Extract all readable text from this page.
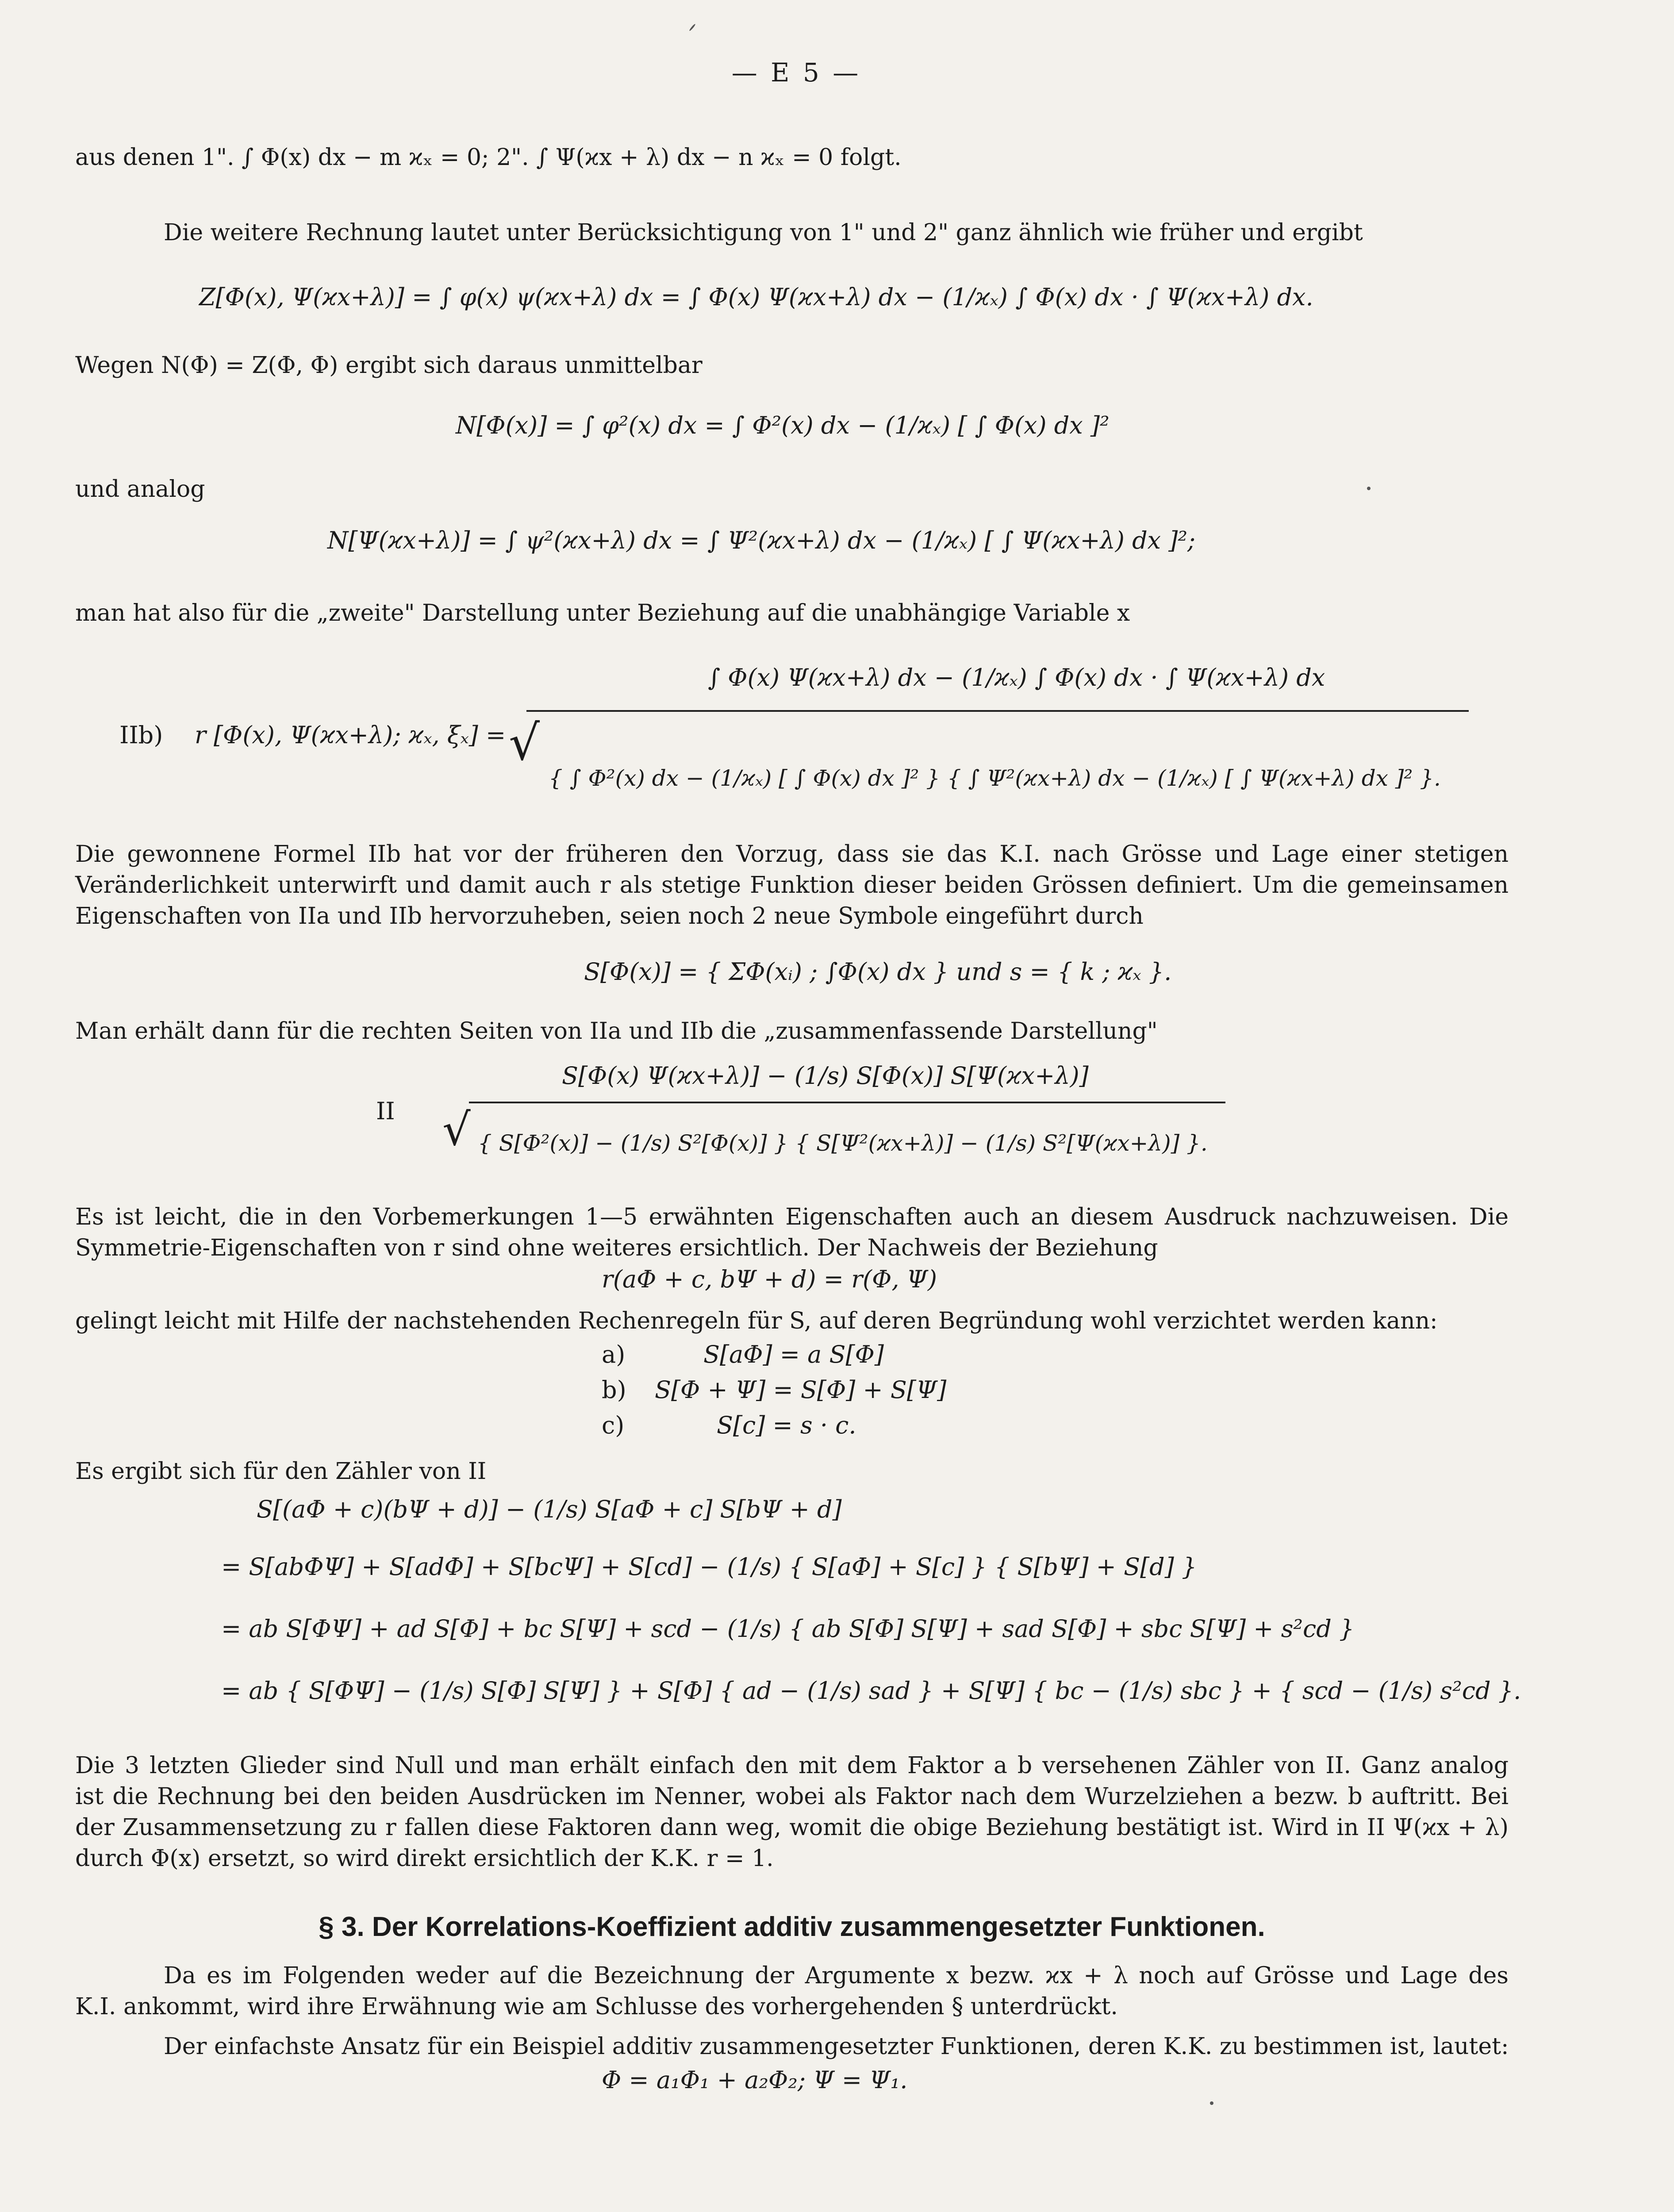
— E 5 —
aus denen 1". ∫ Φ(x) dx − m ϰₓ = 0; 2". ∫ Ψ(ϰx + λ) dx − n ϰₓ = 0 folgt.
Die weitere Rechnung lautet unter Berücksichtigung von 1" und 2" ganz ähnlich wie früher und ergibt
Z[Φ(x), Ψ(ϰx+λ)] = ∫ φ(x) ψ(ϰx+λ) dx = ∫ Φ(x) Ψ(ϰx+λ) dx − (1/ϰₓ) ∫ Φ(x) dx · ∫ Ψ(ϰx+λ) dx.
Wegen N(Φ) = Z(Φ, Φ) ergibt sich daraus unmittelbar
N[Φ(x)] = ∫ φ²(x) dx = ∫ Φ²(x) dx − (1/ϰₓ) [ ∫ Φ(x) dx ]²
und analog
N[Ψ(ϰx+λ)] = ∫ ψ²(ϰx+λ) dx = ∫ Ψ²(ϰx+λ) dx − (1/ϰₓ) [ ∫ Ψ(ϰx+λ) dx ]²;
man hat also für die „zweite" Darstellung unter Beziehung auf die unabhängige Variable x
IIb) r [Φ(x), Ψ(ϰx+λ); ϰₓ, ξₓ] =
∫ Φ(x) Ψ(ϰx+λ) dx − (1/ϰₓ) ∫ Φ(x) dx · ∫ Ψ(ϰx+λ) dx
√
{ ∫ Φ²(x) dx − (1/ϰₓ) [ ∫ Φ(x) dx ]² } { ∫ Ψ²(ϰx+λ) dx − (1/ϰₓ) [ ∫ Ψ(ϰx+λ) dx ]² }.
Die gewonnene Formel IIb hat vor der früheren den Vorzug, dass sie das K.I. nach Grösse und Lage einer stetigen
Veränderlichkeit unterwirft und damit auch r als stetige Funktion dieser beiden Grössen definiert. Um die gemeinsamen
Eigenschaften von IIa und IIb hervorzuheben, seien noch 2 neue Symbole eingeführt durch
S[Φ(x)] = { ΣΦ(xᵢ) ; ∫Φ(x) dx } und s = { k ; ϰₓ }.
Man erhält dann für die rechten Seiten von IIa und IIb die „zusammenfassende Darstellung"
II
S[Φ(x) Ψ(ϰx+λ)] − (1/s) S[Φ(x)] S[Ψ(ϰx+λ)]
√ { S[Φ²(x)] − (1/s) S²[Φ(x)] } { S[Ψ²(ϰx+λ)] − (1/s) S²[Ψ(ϰx+λ)] }.
Es ist leicht, die in den Vorbemerkungen 1—5 erwähnten Eigenschaften auch an diesem Ausdruck nachzuweisen. Die
Symmetrie-Eigenschaften von r sind ohne weiteres ersichtlich. Der Nachweis der Beziehung
r(aΦ + c, bΨ + d) = r(Φ, Ψ)
gelingt leicht mit Hilfe der nachstehenden Rechenregeln für S, auf deren Begründung wohl verzichtet werden kann:
a)	S[aΦ] = a S[Φ]
b) S[Φ + Ψ] = S[Φ] + S[Ψ]
c)	S[c] = s · c.
Es ergibt sich für den Zähler von II
S[(aΦ + c)(bΨ + d)] − (1/s) S[aΦ + c] S[bΨ + d]
= S[abΦΨ] + S[adΦ] + S[bcΨ] + S[cd] − (1/s) { S[aΦ] + S[c] } { S[bΨ] + S[d] }
= ab S[ΦΨ] + ad S[Φ] + bc S[Ψ] + scd − (1/s) { ab S[Φ] S[Ψ] + sad S[Φ] + sbc S[Ψ] + s²cd }
= ab { S[ΦΨ] − (1/s) S[Φ] S[Ψ] } + S[Φ] { ad − (1/s) sad } + S[Ψ] { bc − (1/s) sbc } + { scd − (1/s) s²cd }.
Die 3 letzten Glieder sind Null und man erhält einfach den mit dem Faktor a b versehenen Zähler von II. Ganz analog
ist die Rechnung bei den beiden Ausdrücken im Nenner, wobei als Faktor nach dem Wurzelziehen a bezw. b auftritt. Bei
der Zusammensetzung zu r fallen diese Faktoren dann weg, womit die obige Beziehung bestätigt ist. Wird in II Ψ(ϰx + λ)
durch Φ(x) ersetzt, so wird direkt ersichtlich der K.K. r = 1.
§ 3. Der Korrelations-Koeffizient additiv zusammengesetzter Funktionen.
Da es im Folgenden weder auf die Bezeichnung der Argumente x bezw. ϰx + λ noch auf Grösse und Lage des
K.I. ankommt, wird ihre Erwähnung wie am Schlusse des vorhergehenden § unterdrückt.
Der einfachste Ansatz für ein Beispiel additiv zusammengesetzter Funktionen, deren K.K. zu bestimmen ist, lautet:
Φ = a₁Φ₁ + a₂Φ₂; Ψ = Ψ₁.
